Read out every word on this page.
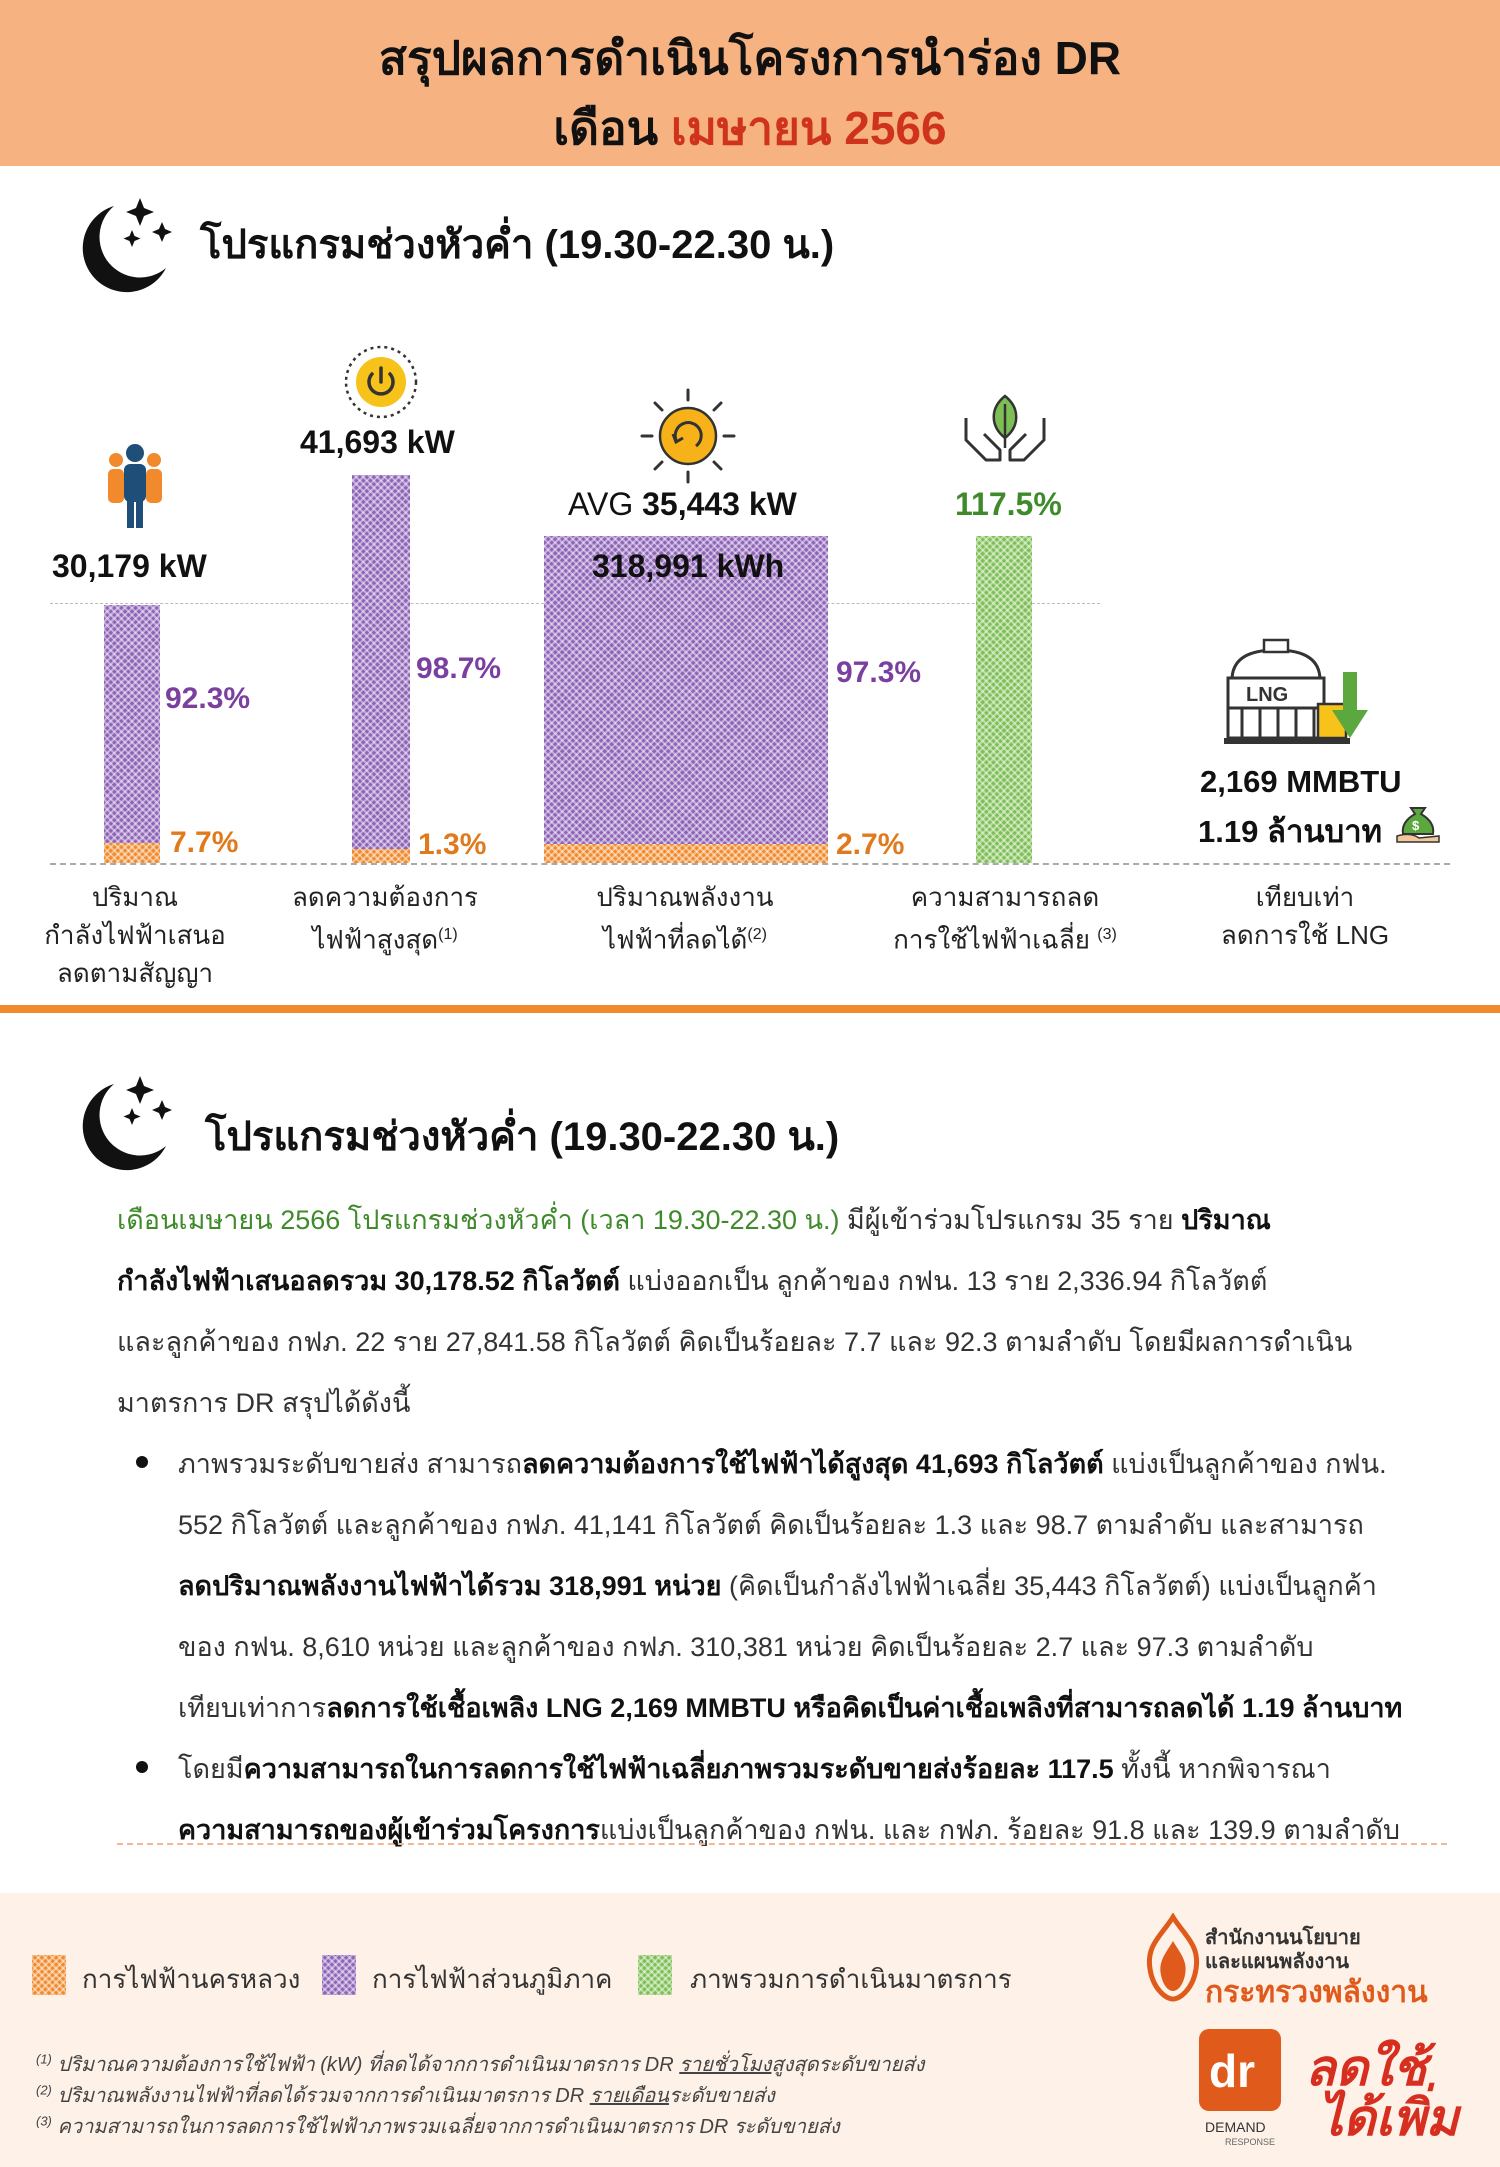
สรุปผลการดำเนินโครงการนำร่อง DR
เดือน เมษายน 2566
โปรแกรมช่วงหัวค่ำ (19.30-22.30 น.)
30,179 kW
92.3%
7.7%
ปริมาณ
กำลังไฟฟ้าเสนอ
ลดตามสัญญา
41,693 kW
98.7%
1.3%
ลดความต้องการ
ไฟฟ้าสูงสุด$^{(1)}$
AVG 35,443 kW
318,991 kWh
97.3%
2.7%
ปริมาณพลังงาน
ไฟฟ้าที่ลดได้$^{(2)}$
117.5%
ความสามารถลด
การใช้ไฟฟ้าเฉลี่ย $^{(3)}$
LNG
2,169 MMBTU
1.19 ล้านบาท $
เทียบเท่า
ลดการใช้ LNG
โปรแกรมช่วงหัวค่ำ (19.30-22.30 น.)
เดือนเมษายน 2566 โปรแกรมช่วงหัวค่ำ (เวลา 19.30-22.30 น.) มีผู้เข้าร่วมโปรแกรม 35 ราย ปริมาณ
กำลังไฟฟ้าเสนอลดรวม 30,178.52 กิโลวัตต์ แบ่งออกเป็น ลูกค้าของ กฟน. 13 ราย 2,336.94 กิโลวัตต์
และลูกค้าของ กฟภ. 22 ราย 27,841.58 กิโลวัตต์ คิดเป็นร้อยละ 7.7 และ 92.3 ตามลำดับ โดยมีผลการดำเนิน
มาตรการ DR สรุปได้ดังนี้
ภาพรวมระดับขายส่ง สามารถลดความต้องการใช้ไฟฟ้าได้สูงสุด 41,693 กิโลวัตต์ แบ่งเป็นลูกค้าของ กฟน.
552 กิโลวัตต์ และลูกค้าของ กฟภ. 41,141 กิโลวัตต์ คิดเป็นร้อยละ 1.3 และ 98.7 ตามลำดับ และสามารถ
ลดปริมาณพลังงานไฟฟ้าได้รวม 318,991 หน่วย (คิดเป็นกำลังไฟฟ้าเฉลี่ย 35,443 กิโลวัตต์) แบ่งเป็นลูกค้า
ของ กฟน. 8,610 หน่วย และลูกค้าของ กฟภ. 310,381 หน่วย คิดเป็นร้อยละ 2.7 และ 97.3 ตามลำดับ
เทียบเท่าการลดการใช้เชื้อเพลิง LNG 2,169 MMBTU หรือคิดเป็นค่าเชื้อเพลิงที่สามารถลดได้ 1.19 ล้านบาท
โดยมีความสามารถในการลดการใช้ไฟฟ้าเฉลี่ยภาพรวมระดับขายส่งร้อยละ 117.5 ทั้งนี้ หากพิจารณา
ความสามารถของผู้เข้าร่วมโครงการแบ่งเป็นลูกค้าของ กฟน. และ กฟภ. ร้อยละ 91.8 และ 139.9 ตามลำดับ
การไฟฟ้านครหลวง	การไฟฟ้าส่วนภูมิภาค	ภาพรวมการดำเนินมาตรการ
$^{(1)}$ ปริมาณความต้องการใช้ไฟฟ้า (kW) ที่ลดได้จากการดำเนินมาตรการ DR รายชั่วโมงสูงสุดระดับขายส่ง
$^{(2)}$ ปริมาณพลังงานไฟฟ้าที่ลดได้รวมจากการดำเนินมาตรการ DR รายเดือนระดับขายส่ง
$^{(3)}$ ความสามารถในการลดการใช้ไฟฟ้าภาพรวมเฉลี่ยจากการดำเนินมาตรการ DR ระดับขายส่ง
สำนักงานนโยบาย
และแผนพลังงาน
กระทรวงพลังงาน
dr
DEMAND
RESPONSE
ลดใช้
ได้เพิ่ม
